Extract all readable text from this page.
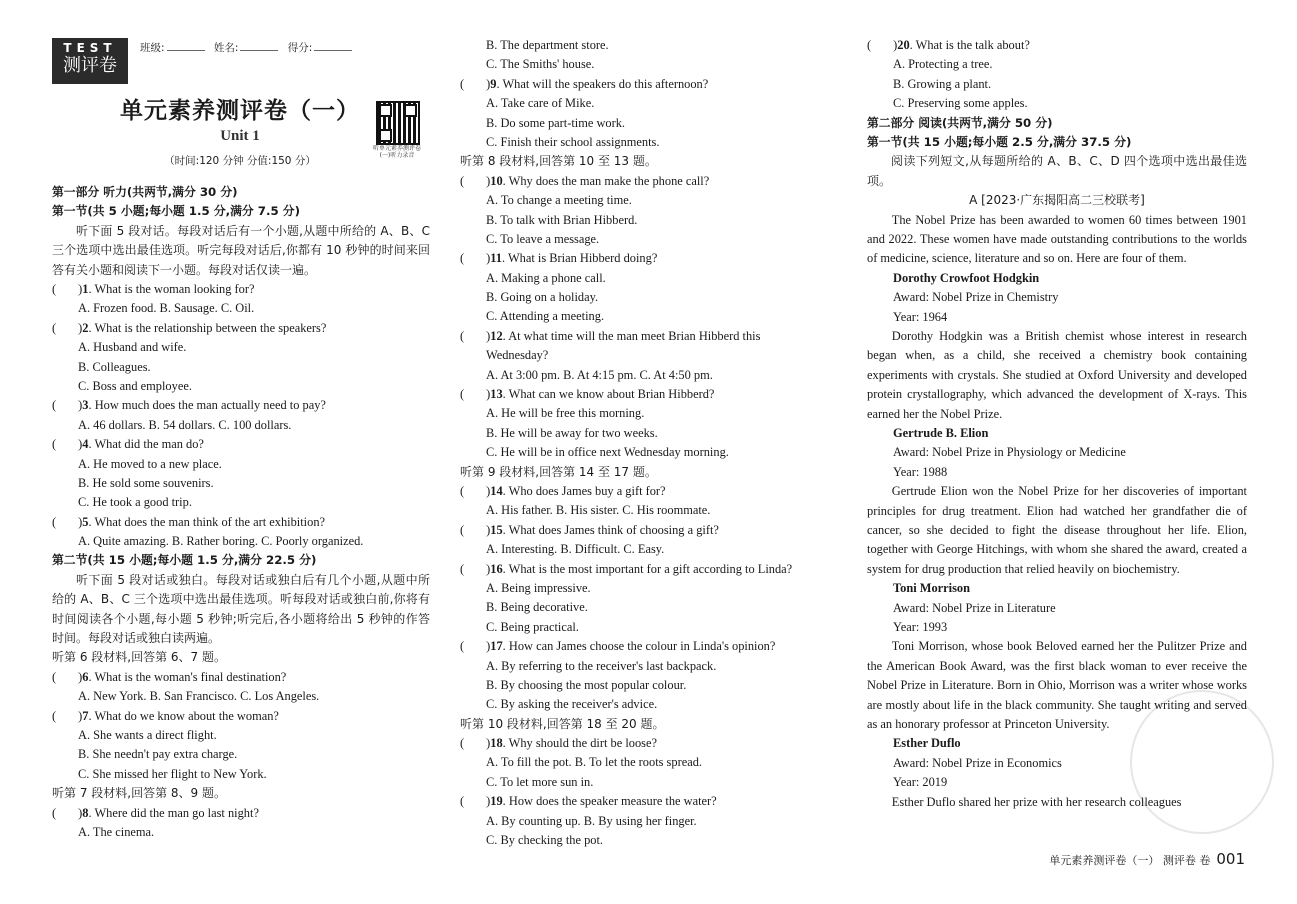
TEST
测评卷
班级:	姓名:	得分:
单元素养测评卷（一）
Unit 1
（时间:120 分钟 分值:150 分）
听单元素养测评卷(一)听力录音
第一部分 听力(共两节,满分 30 分)
第一节(共 5 小题;每小题 1.5 分,满分 7.5 分)
听下面 5 段对话。每段对话后有一个小题,从题中所给的 A、B、C 三个选项中选出最佳选项。听完每段对话后,你都有 10 秒钟的时间来回答有关小题和阅读下一小题。每段对话仅读一遍。
( )1. What is the woman looking for?
A. Frozen food. B. Sausage. C. Oil.
( )2. What is the relationship between the speakers?
A. Husband and wife.
B. Colleagues.
C. Boss and employee.
( )3. How much does the man actually need to pay?
A. 46 dollars. B. 54 dollars. C. 100 dollars.
( )4. What did the man do?
A. He moved to a new place.
B. He sold some souvenirs.
C. He took a good trip.
( )5. What does the man think of the art exhibition?
A. Quite amazing. B. Rather boring. C. Poorly organized.
第二节(共 15 小题;每小题 1.5 分,满分 22.5 分)
听下面 5 段对话或独白。每段对话或独白后有几个小题,从题中所给的 A、B、C 三个选项中选出最佳选项。听每段对话或独白前,你将有时间阅读各个小题,每小题 5 秒钟;听完后,各小题将给出 5 秒钟的作答时间。每段对话或独白读两遍。
听第 6 段材料,回答第 6、7 题。
( )6. What is the woman's final destination?
A. New York. B. San Francisco. C. Los Angeles.
( )7. What do we know about the woman?
A. She wants a direct flight.
B. She needn't pay extra charge.
C. She missed her flight to New York.
听第 7 段材料,回答第 8、9 题。
( )8. Where did the man go last night?
A. The cinema.
B. The department store.
C. The Smiths' house.
( )9. What will the speakers do this afternoon?
A. Take care of Mike.
B. Do some part-time work.
C. Finish their school assignments.
听第 8 段材料,回答第 10 至 13 题。
( )10. Why does the man make the phone call?
A. To change a meeting time.
B. To talk with Brian Hibberd.
C. To leave a message.
( )11. What is Brian Hibberd doing?
A. Making a phone call.
B. Going on a holiday.
C. Attending a meeting.
( )12. At what time will the man meet Brian Hibberd this
Wednesday?
A. At 3:00 pm. B. At 4:15 pm. C. At 4:50 pm.
( )13. What can we know about Brian Hibberd?
A. He will be free this morning.
B. He will be away for two weeks.
C. He will be in office next Wednesday morning.
听第 9 段材料,回答第 14 至 17 题。
( )14. Who does James buy a gift for?
A. His father. B. His sister. C. His roommate.
( )15. What does James think of choosing a gift?
A. Interesting. B. Difficult. C. Easy.
( )16. What is the most important for a gift according to Linda?
A. Being impressive.
B. Being decorative.
C. Being practical.
( )17. How can James choose the colour in Linda's opinion?
A. By referring to the receiver's last backpack.
B. By choosing the most popular colour.
C. By asking the receiver's advice.
听第 10 段材料,回答第 18 至 20 题。
( )18. Why should the dirt be loose?
A. To fill the pot. B. To let the roots spread.
C. To let more sun in.
( )19. How does the speaker measure the water?
A. By counting up. B. By using her finger.
C. By checking the pot.
( )20. What is the talk about?
A. Protecting a tree.
B. Growing a plant.
C. Preserving some apples.
第二部分 阅读(共两节,满分 50 分)
第一节(共 15 小题;每小题 2.5 分,满分 37.5 分)
阅读下列短文,从每题所给的 A、B、C、D 四个选项中选出最佳选项。
A [2023·广东揭阳高二三校联考]
The Nobel Prize has been awarded to women 60 times between 1901 and 2022. These women have made outstanding contributions to the worlds of medicine, science, literature and so on. Here are four of them.
Dorothy Crowfoot Hodgkin
Award: Nobel Prize in Chemistry
Year: 1964
Dorothy Hodgkin was a British chemist whose interest in research began when, as a child, she received a chemistry book containing experiments with crystals. She studied at Oxford University and developed protein crystallography, which advanced the development of X-rays. This earned her the Nobel Prize.
Gertrude B. Elion
Award: Nobel Prize in Physiology or Medicine
Year: 1988
Gertrude Elion won the Nobel Prize for her discoveries of important principles for drug treatment. Elion had watched her grandfather die of cancer, so she decided to fight the disease throughout her life. Elion, together with George Hitchings, with whom she shared the award, created a system for drug production that relied heavily on biochemistry.
Toni Morrison
Award: Nobel Prize in Literature
Year: 1993
Toni Morrison, whose book Beloved earned her the Pulitzer Prize and the American Book Award, was the first black woman to ever receive the Nobel Prize in Literature. Born in Ohio, Morrison was a writer whose works are mostly about life in the black community. She taught writing and served as an honorary professor at Princeton University.
Esther Duflo
Award: Nobel Prize in Economics
Year: 2019
Esther Duflo shared her prize with her research colleagues
单元素养测评卷（一） 测评卷 卷 001
